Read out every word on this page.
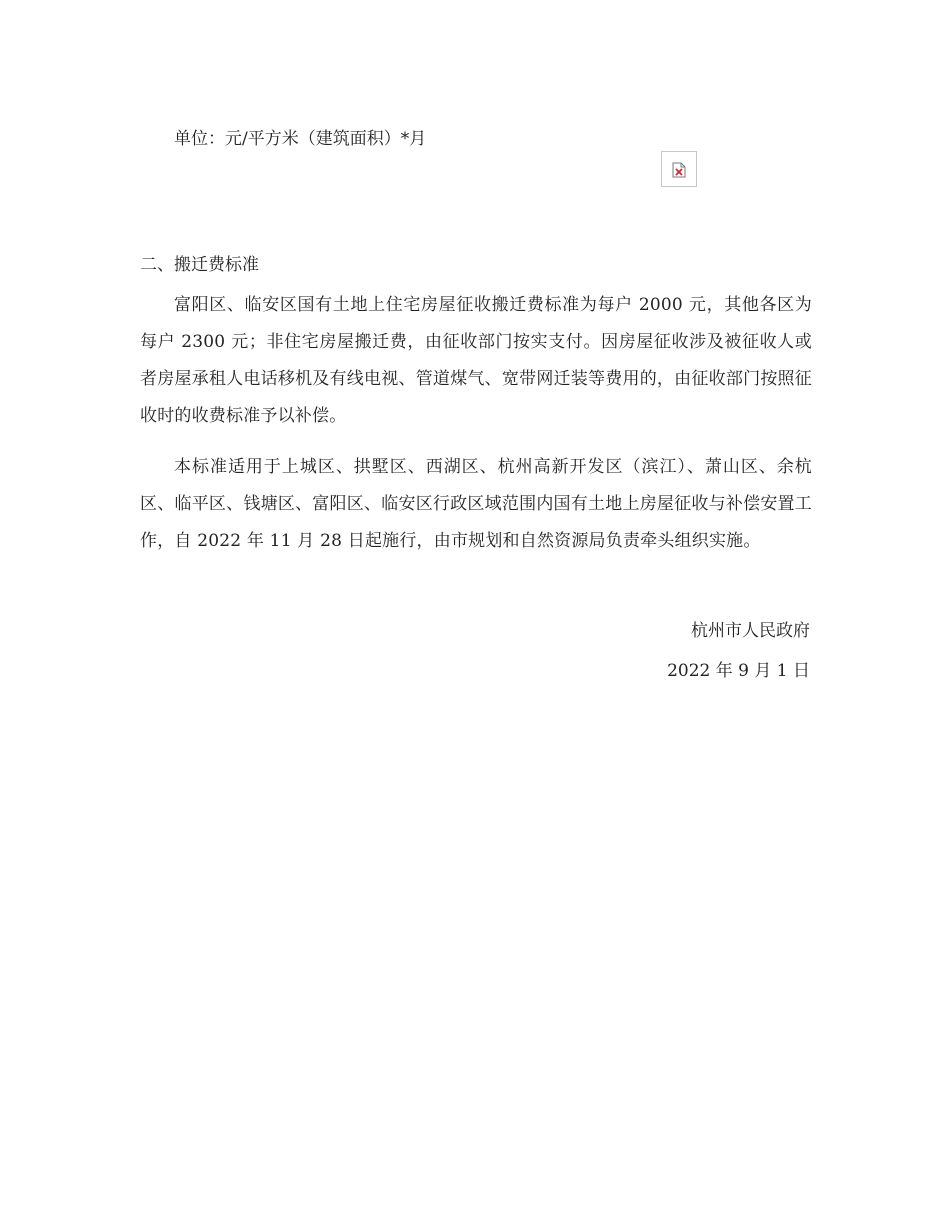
单位：元/平方米（建筑面积）*月
二、搬迁费标准
富阳区、临安区国有土地上住宅房屋征收搬迁费标准为每户 2000 元，其他各区为每户 2300 元；非住宅房屋搬迁费，由征收部门按实支付。因房屋征收涉及被征收人或者房屋承租人电话移机及有线电视、管道煤气、宽带网迁装等费用的，由征收部门按照征收时的收费标准予以补偿。
本标准适用于上城区、拱墅区、西湖区、杭州高新开发区（滨江）、萧山区、余杭区、临平区、钱塘区、富阳区、临安区行政区域范围内国有土地上房屋征收与补偿安置工作，自 2022 年 11 月 28 日起施行，由市规划和自然资源局负责牵头组织实施。
杭州市人民政府
2022 年 9 月 1 日
